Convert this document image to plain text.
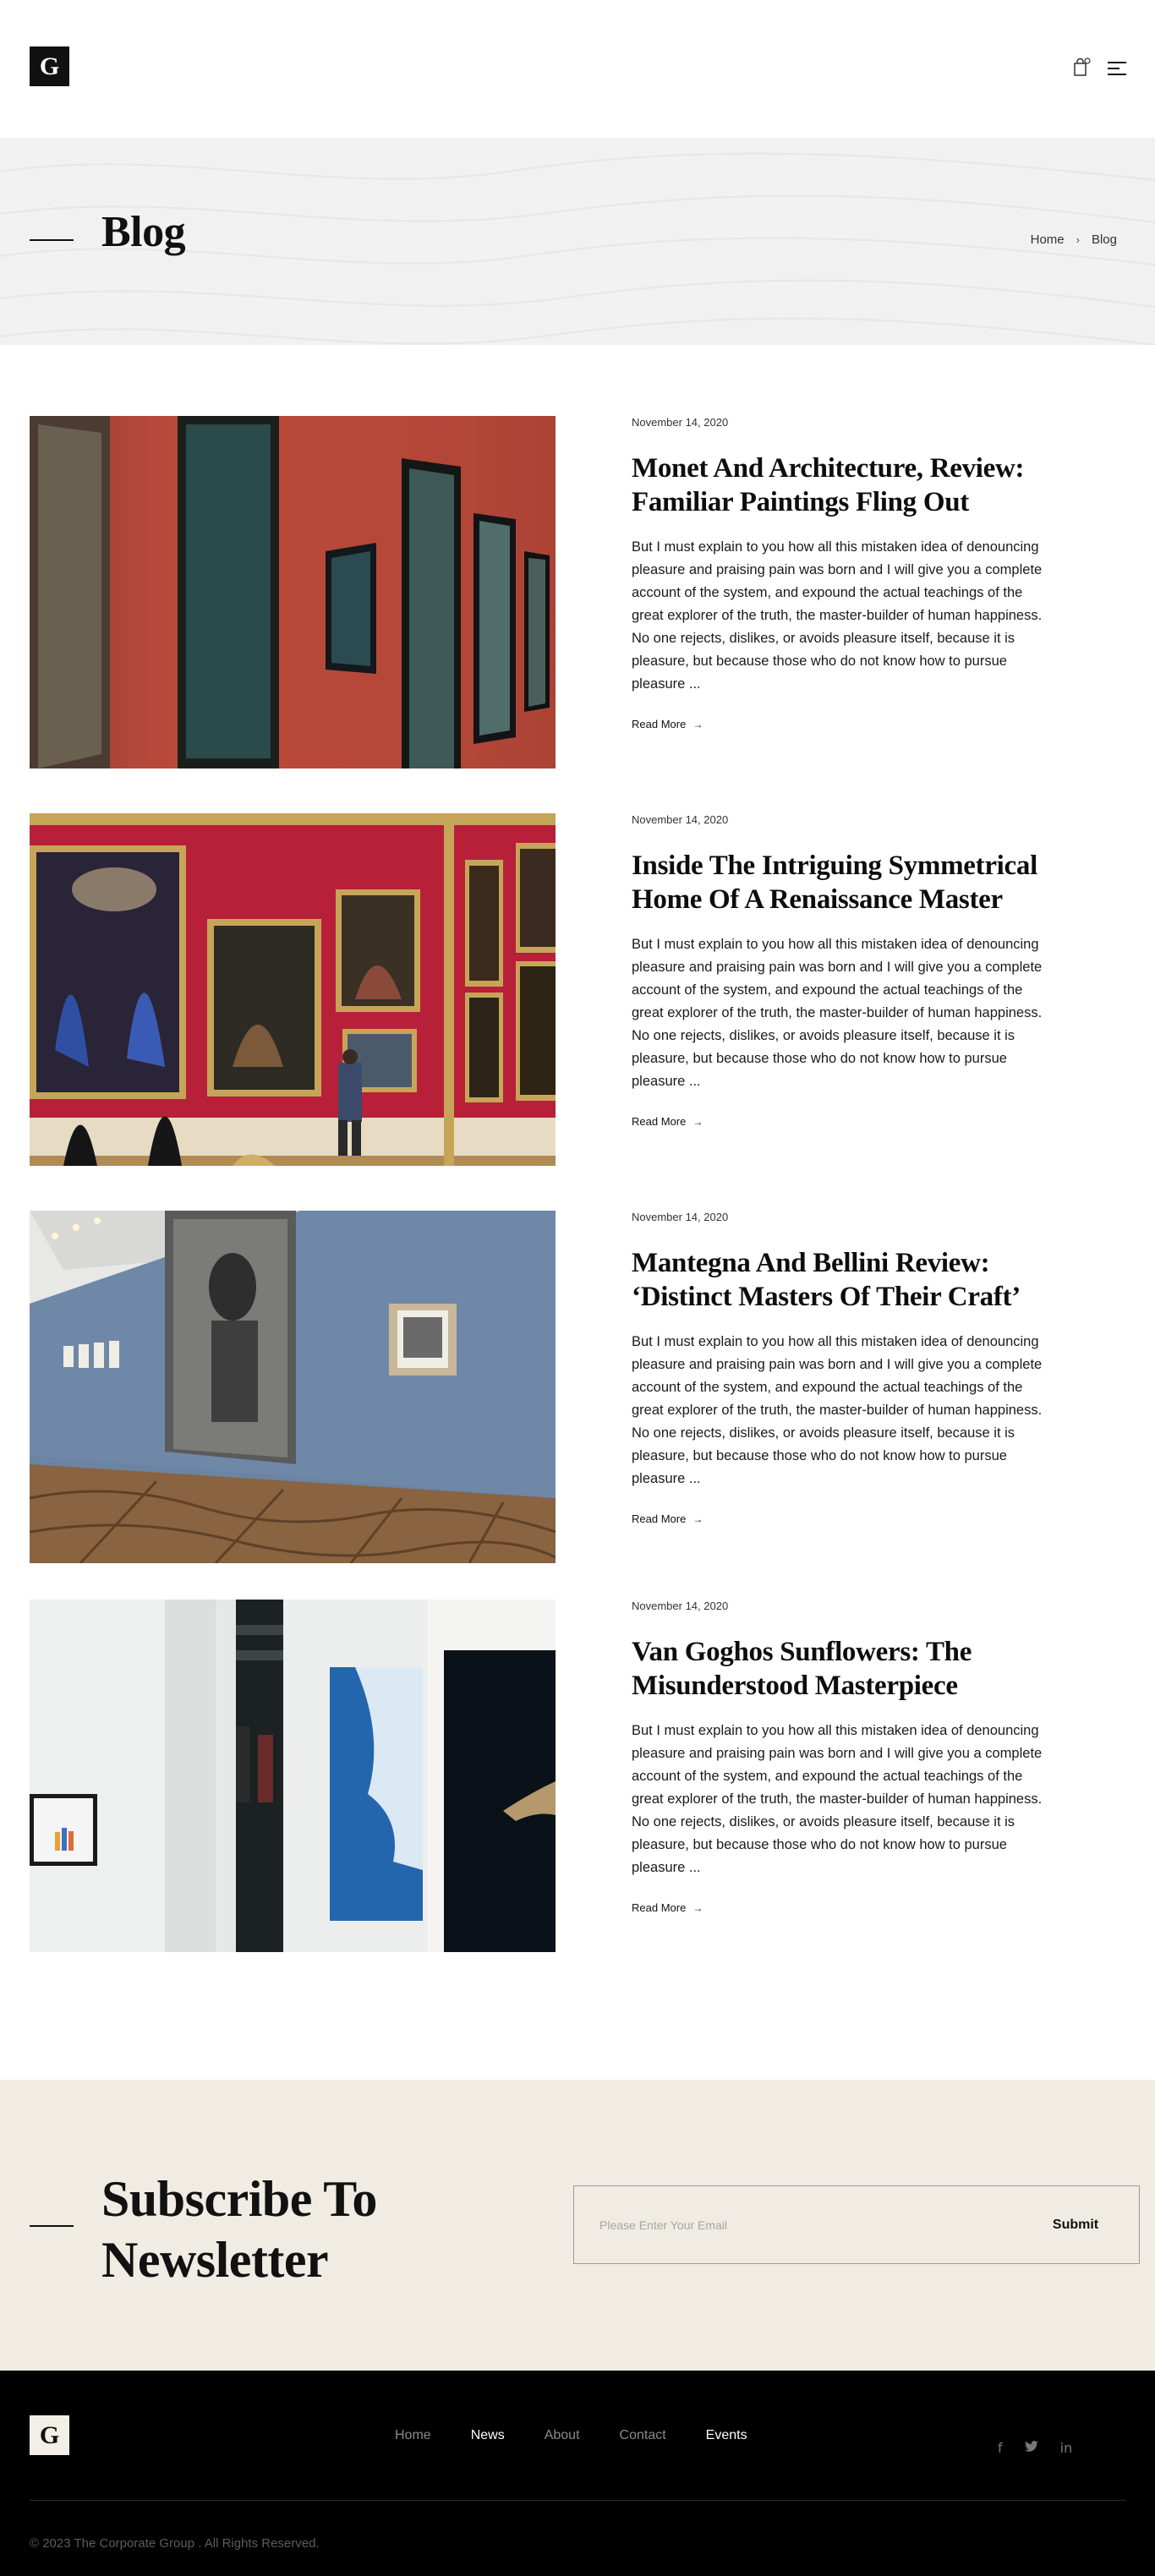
G
Blog	Home › Blog
November 14, 2020
Monet And Architecture, Review: Familiar Paintings Fling Out

But I must explain to you how all this mistaken idea of denouncing pleasure and praising pain was born and I will give you a complete account of the system, and expound the actual teachings of the great explorer of the truth, the master-builder of human happiness. No one rejects, dislikes, or avoids pleasure itself, because it is pleasure, but because those who do not know how to pursue pleasure ...

Read More →
November 14, 2020
Inside The Intriguing Symmetrical Home Of A Renaissance Master

But I must explain to you how all this mistaken idea of denouncing pleasure and praising pain was born and I will give you a complete account of the system, and expound the actual teachings of the great explorer of the truth, the master-builder of human happiness. No one rejects, dislikes, or avoids pleasure itself, because it is pleasure, but because those who do not know how to pursue pleasure ...

Read More →
November 14, 2020
Mantegna And Bellini Review: ‘Distinct Masters Of Their Craft’

But I must explain to you how all this mistaken idea of denouncing pleasure and praising pain was born and I will give you a complete account of the system, and expound the actual teachings of the great explorer of the truth, the master-builder of human happiness. No one rejects, dislikes, or avoids pleasure itself, because it is pleasure, but because those who do not know how to pursue pleasure ...

Read More →
November 14, 2020
Van Goghos Sunflowers: The Misunderstood Masterpiece

But I must explain to you how all this mistaken idea of denouncing pleasure and praising pain was born and I will give you a complete account of the system, and expound the actual teachings of the great explorer of the truth, the master-builder of human happiness. No one rejects, dislikes, or avoids pleasure itself, because it is pleasure, but because those who do not know how to pursue pleasure ...

Read More →
Subscribe To
Newsletter
Please Enter Your Email
Submit
G	Home	News	About	Contact	Events
f	in
© 2023 The Corporate Group . All Rights Reserved.
